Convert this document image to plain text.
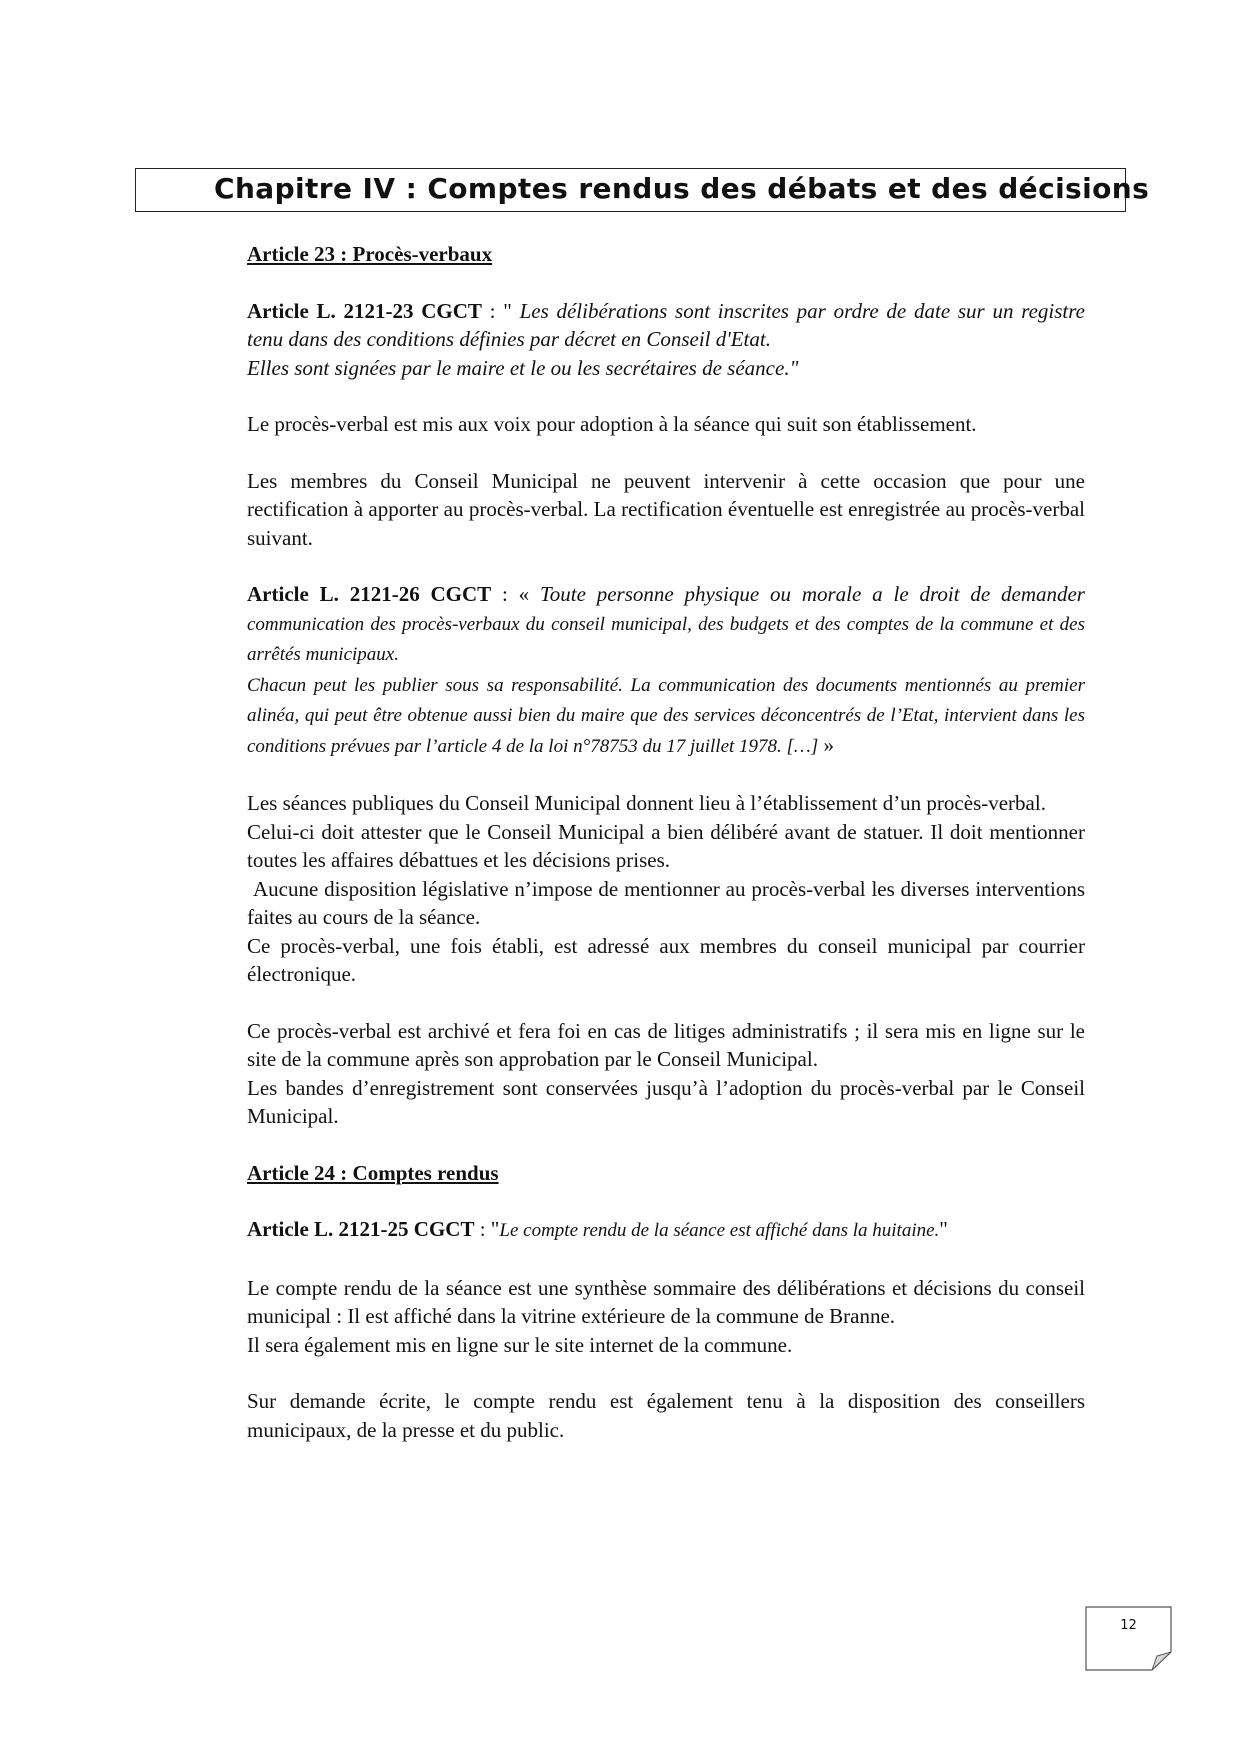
Chapitre IV : Comptes rendus des débats et des décisions

Article 23 : Procès-verbaux

Article L. 2121-23 CGCT : " Les délibérations sont inscrites par ordre de date sur un registre tenu dans des conditions définies par décret en Conseil d'Etat.

Elles sont signées par le maire et le ou les secrétaires de séance."

Le procès-verbal est mis aux voix pour adoption à la séance qui suit son établissement.

Les membres du Conseil Municipal ne peuvent intervenir à cette occasion que pour une rectification à apporter au procès-verbal. La rectification éventuelle est enregistrée au procès-verbal suivant.

Article L. 2121-26 CGCT : « Toute personne physique ou morale a le droit de demander communication des procès-verbaux du conseil municipal, des budgets et des comptes de la commune et des arrêtés municipaux.

Chacun peut les publier sous sa responsabilité. La communication des documents mentionnés au premier alinéa, qui peut être obtenue aussi bien du maire que des services déconcentrés de l’Etat, intervient dans les conditions prévues par l’article 4 de la loi n°78753 du 17 juillet 1978. […] »

Les séances publiques du Conseil Municipal donnent lieu à l’établissement d’un procès-verbal.

Celui-ci doit attester que le Conseil Municipal a bien délibéré avant de statuer. Il doit mentionner toutes les affaires débattues et les décisions prises.

Aucune disposition législative n’impose de mentionner au procès-verbal les diverses interventions faites au cours de la séance.

Ce procès-verbal, une fois établi, est adressé aux membres du conseil municipal par courrier électronique.

Ce procès-verbal est archivé et fera foi en cas de litiges administratifs ; il sera mis en ligne sur le site de la commune après son approbation par le Conseil Municipal.

Les bandes d’enregistrement sont conservées jusqu’à l’adoption du procès-verbal par le Conseil Municipal.

Article 24 : Comptes rendus

Article L. 2121-25 CGCT : "Le compte rendu de la séance est affiché dans la huitaine."

Le compte rendu de la séance est une synthèse sommaire des délibérations et décisions du conseil municipal : Il est affiché dans la vitrine extérieure de la commune de Branne.

Il sera également mis en ligne sur le site internet de la commune.

Sur demande écrite, le compte rendu est également tenu à la disposition des conseillers municipaux, de la presse et du public.

12
